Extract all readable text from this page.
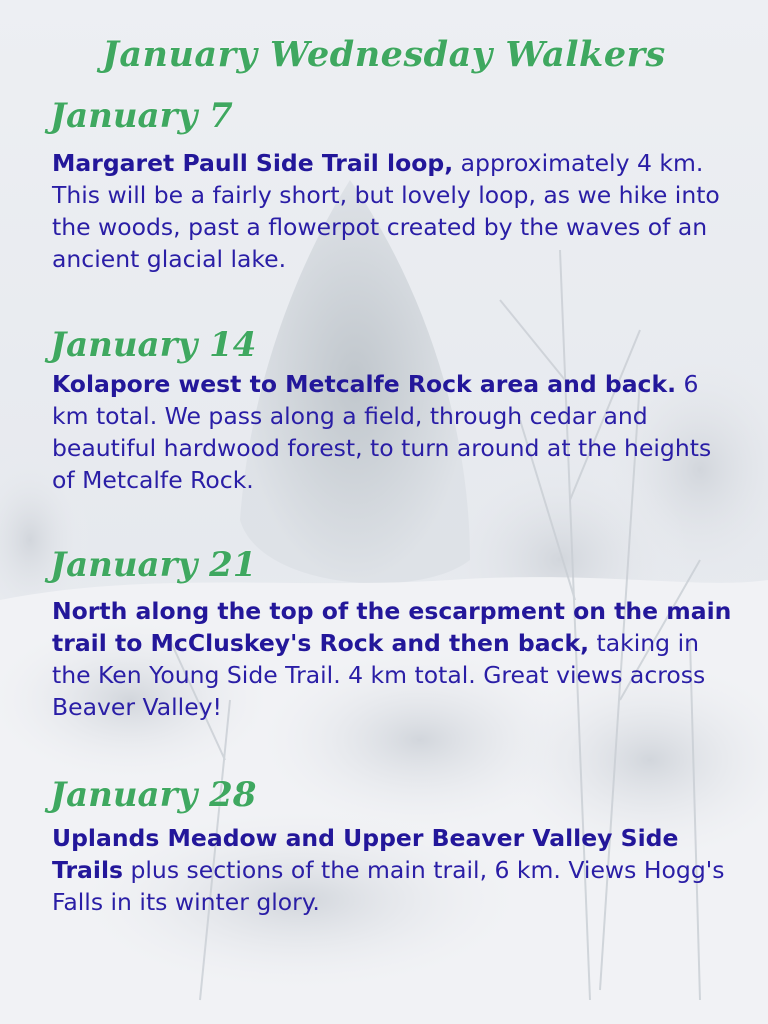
January Wednesday Walkers
January 7
Margaret Paull Side Trail loop, approximately 4 km. This will be a fairly short, but lovely loop, as we hike into the woods, past a flowerpot created by the waves of an ancient glacial lake.
January 14
Kolapore west to Metcalfe Rock area and back. 6 km total. We pass along a field, through cedar and beautiful hardwood forest, to turn around at the heights of Metcalfe Rock.
January 21
North along the top of the escarpment on the main trail to McCluskey's Rock and then back, taking in the Ken Young Side Trail. 4 km total. Great views across Beaver Valley!
January 28
Uplands Meadow and Upper Beaver Valley Side Trails plus sections of the main trail, 6 km. Views Hogg's Falls in its winter glory.
